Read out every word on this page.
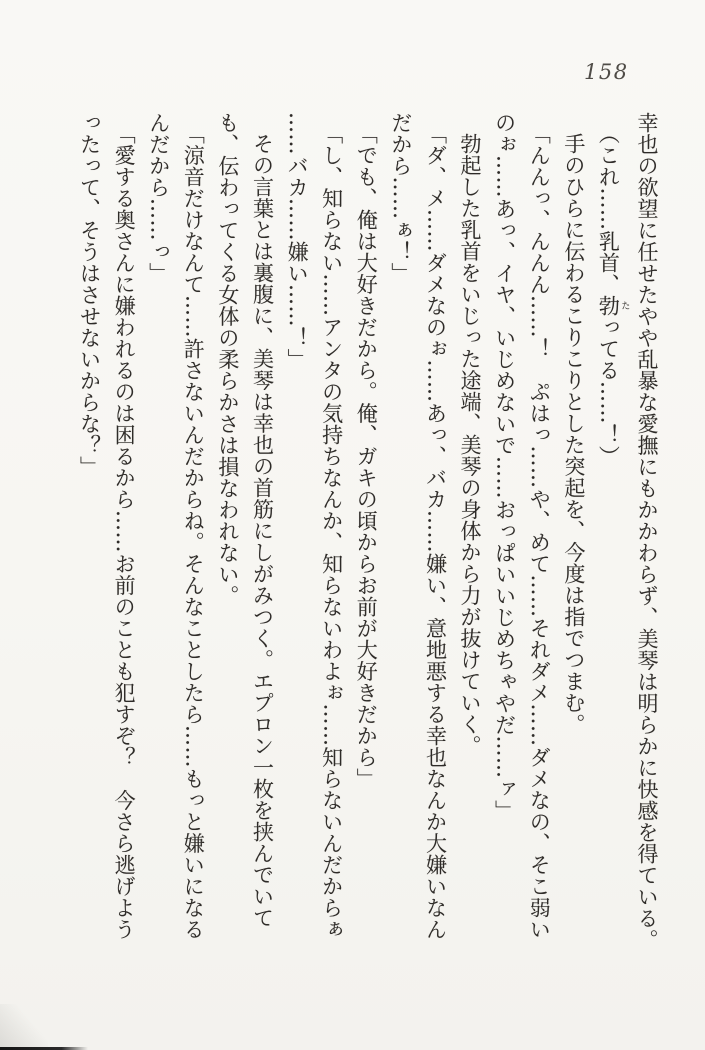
158
幸也の欲望に任せたやや乱暴な愛撫にもかかわらず、美琴は明らかに快感を得ている。
（これ……乳首、勃 たってる……！）
手のひらに伝わるこりこりとした突起を、今度は指でつまむ。
「んんっ、んんん……！　ぷはっ……や、めて……それダメ……ダメなの、そこ弱い
のぉ……あっ、イヤ、いじめないで……おっぱいいじめちゃやだ……ァ」
勃起した乳首をいじった途端、美琴の身体から力が抜けていく。
「ダ、メ……ダメなのぉ……あっ、バカ……嫌い、意地悪する幸也なんか大嫌いなん
だから……ぁ！」
「でも、俺は大好きだから。俺、ガキの頃からお前が大好きだから」
「し、知らない……アンタの気持ちなんか、知らないわよぉ……知らないんだからぁ
……バカ……嫌い……！」
その言葉とは裏腹に、美琴は幸也の首筋にしがみつく。エプロン一枚を挟んでいて
も、伝わってくる女体の柔らかさは損なわれない。
「涼音だけなんて……許さないんだからね。そんなことしたら……もっと嫌いになる
んだから……っ」
「愛する奥さんに嫌われるのは困るから……お前のことも犯すぞ？　今さら逃げよう
ったって、そうはさせないからな？」
